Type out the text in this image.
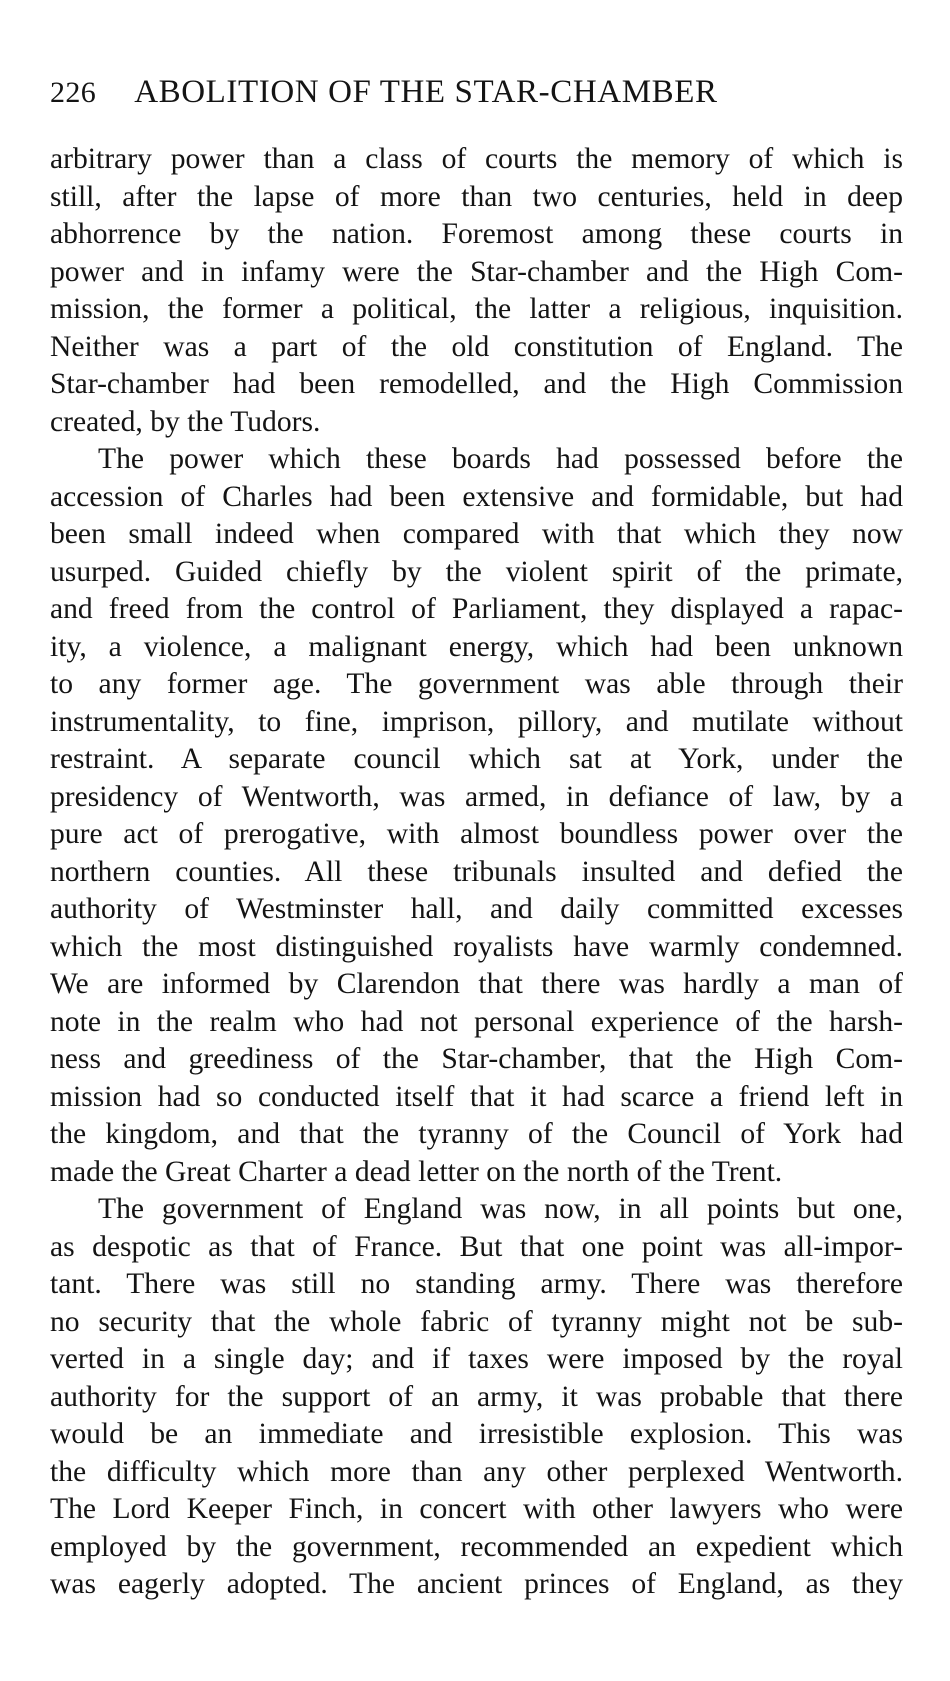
226 ABOLITION OF THE STAR-CHAMBER
arbitrary power than a class of courts the memory of which is
still, after the lapse of more than two centuries, held in deep
abhorrence by the nation. Foremost among these courts in
power and in infamy were the Star-chamber and the High Com-
mission, the former a political, the latter a religious, inquisition.
Neither was a part of the old constitution of England. The
Star-chamber had been remodelled, and the High Commission
created, by the Tudors.
The power which these boards had possessed before the
accession of Charles had been extensive and formidable, but had
been small indeed when compared with that which they now
usurped. Guided chiefly by the violent spirit of the primate,
and freed from the control of Parliament, they displayed a rapac-
ity, a violence, a malignant energy, which had been unknown
to any former age. The government was able through their
instrumentality, to fine, imprison, pillory, and mutilate without
restraint. A separate council which sat at York, under the
presidency of Wentworth, was armed, in defiance of law, by a
pure act of prerogative, with almost boundless power over the
northern counties. All these tribunals insulted and defied the
authority of Westminster hall, and daily committed excesses
which the most distinguished royalists have warmly condemned.
We are informed by Clarendon that there was hardly a man of
note in the realm who had not personal experience of the harsh-
ness and greediness of the Star-chamber, that the High Com-
mission had so conducted itself that it had scarce a friend left in
the kingdom, and that the tyranny of the Council of York had
made the Great Charter a dead letter on the north of the Trent.
The government of England was now, in all points but one,
as despotic as that of France. But that one point was all-impor-
tant. There was still no standing army. There was therefore
no security that the whole fabric of tyranny might not be sub-
verted in a single day; and if taxes were imposed by the royal
authority for the support of an army, it was probable that there
would be an immediate and irresistible explosion. This was
the difficulty which more than any other perplexed Wentworth.
The Lord Keeper Finch, in concert with other lawyers who were
employed by the government, recommended an expedient which
was eagerly adopted. The ancient princes of England, as they
